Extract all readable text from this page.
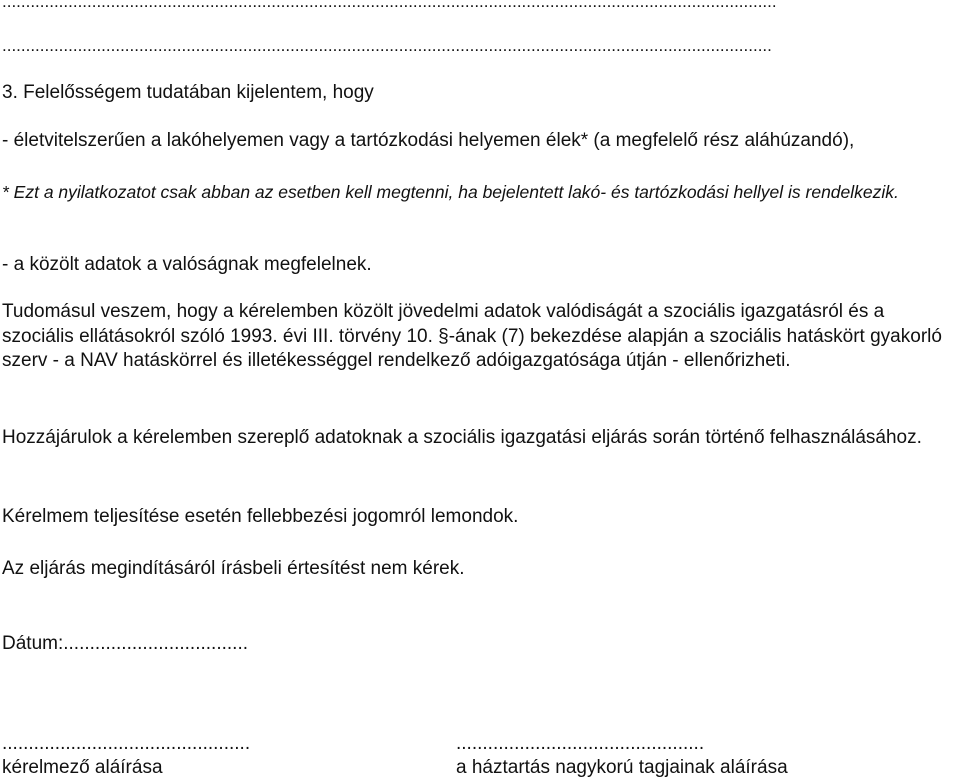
....................................................................................................................................................................
...................................................................................................................................................................
3. Felelősségem tudatában kijelentem, hogy
- életvitelszerűen a lakóhelyemen vagy a tartózkodási helyemen élek* (a megfelelő rész aláhúzandó),
* Ezt a nyilatkozatot csak abban az esetben kell megtenni, ha bejelentett lakó- és tartózkodási hellyel is rendelkezik.
- a közölt adatok a valóságnak megfelelnek.
Tudomásul veszem, hogy a kérelemben közölt jövedelmi adatok valódiságát a szociális igazgatásról és a szociális ellátásokról szóló 1993. évi III. törvény 10. §-ának (7) bekezdése alapján a szociális hatáskört gyakorló szerv - a NAV hatáskörrel és illetékességgel rendelkező adóigazgatósága útján - ellenőrizheti.
Hozzájárulok a kérelemben szereplő adatoknak a szociális igazgatási eljárás során történő felhasználásához.
Kérelmem teljesítése esetén fellebbezési jogomról lemondok.
Az eljárás megindításáról írásbeli értesítést nem kérek.
Dátum:...................................
...............................................	...............................................
kérelmező aláírása	a háztartás nagykorú tagjainak aláírása
